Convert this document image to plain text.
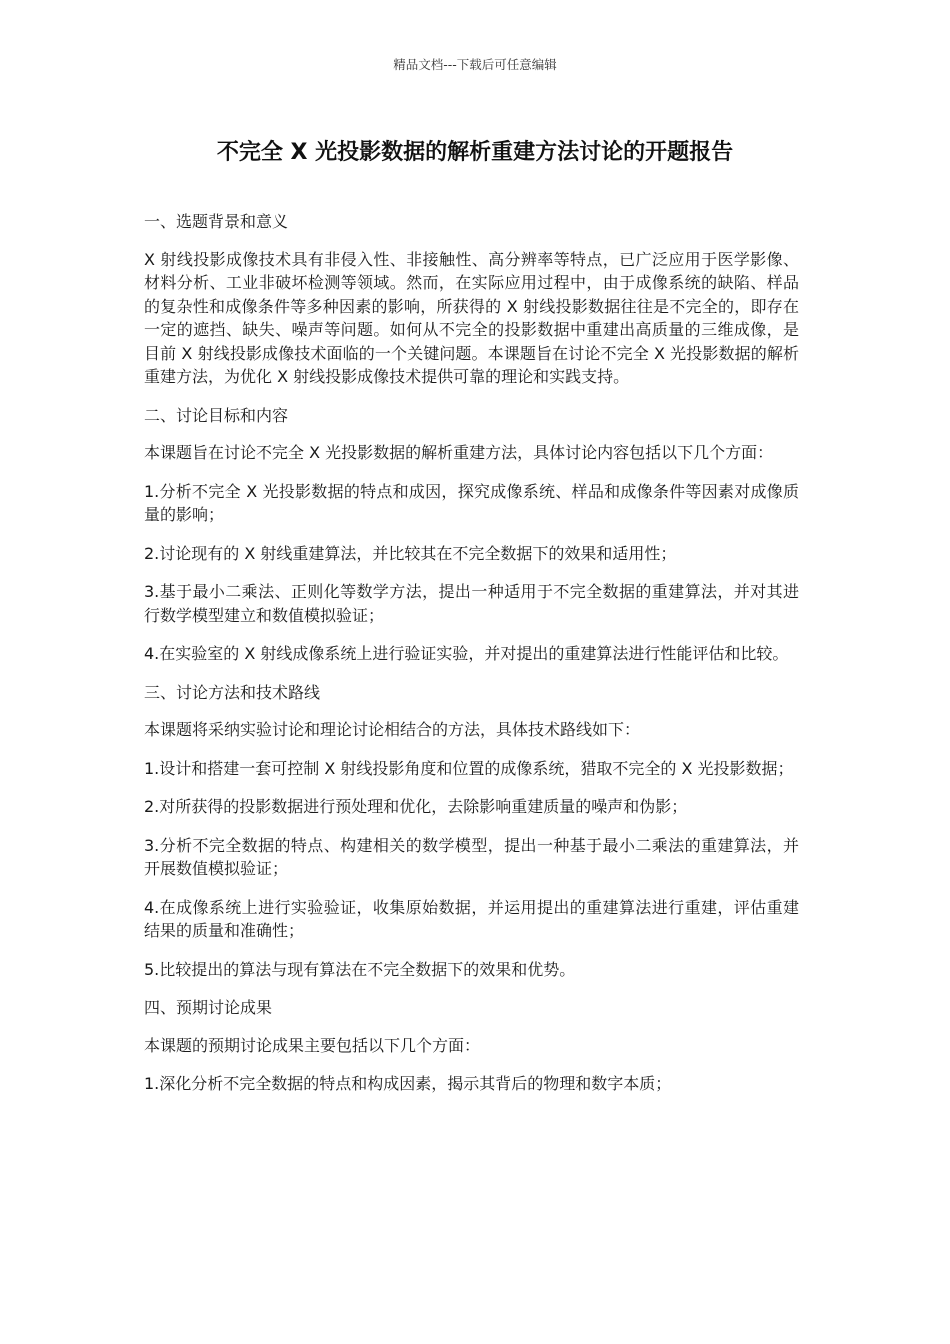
精品文档---下载后可任意编辑
不完全 X 光投影数据的解析重建方法讨论的开题报告

一、选题背景和意义

X 射线投影成像技术具有非侵入性、非接触性、高分辨率等特点，已广泛应用于医学影像、材料分析、工业非破坏检测等领域。然而，在实际应用过程中，由于成像系统的缺陷、样品的复杂性和成像条件等多种因素的影响，所获得的 X 射线投影数据往往是不完全的，即存在一定的遮挡、缺失、噪声等问题。如何从不完全的投影数据中重建出高质量的三维成像，是目前 X 射线投影成像技术面临的一个关键问题。本课题旨在讨论不完全 X 光投影数据的解析重建方法，为优化 X 射线投影成像技术提供可靠的理论和实践支持。

二、讨论目标和内容

本课题旨在讨论不完全 X 光投影数据的解析重建方法，具体讨论内容包括以下几个方面：

1.分析不完全 X 光投影数据的特点和成因，探究成像系统、样品和成像条件等因素对成像质量的影响；

2.讨论现有的 X 射线重建算法，并比较其在不完全数据下的效果和适用性；

3.基于最小二乘法、正则化等数学方法，提出一种适用于不完全数据的重建算法，并对其进行数学模型建立和数值模拟验证；

4.在实验室的 X 射线成像系统上进行验证实验，并对提出的重建算法进行性能评估和比较。

三、讨论方法和技术路线

本课题将采纳实验讨论和理论讨论相结合的方法，具体技术路线如下：

1.设计和搭建一套可控制 X 射线投影角度和位置的成像系统，猎取不完全的 X 光投影数据；

2.对所获得的投影数据进行预处理和优化，去除影响重建质量的噪声和伪影；

3.分析不完全数据的特点、构建相关的数学模型，提出一种基于最小二乘法的重建算法，并开展数值模拟验证；

4.在成像系统上进行实验验证，收集原始数据，并运用提出的重建算法进行重建，评估重建结果的质量和准确性；

5.比较提出的算法与现有算法在不完全数据下的效果和优势。

四、预期讨论成果

本课题的预期讨论成果主要包括以下几个方面：

1.深化分析不完全数据的特点和构成因素，揭示其背后的物理和数字本质；
